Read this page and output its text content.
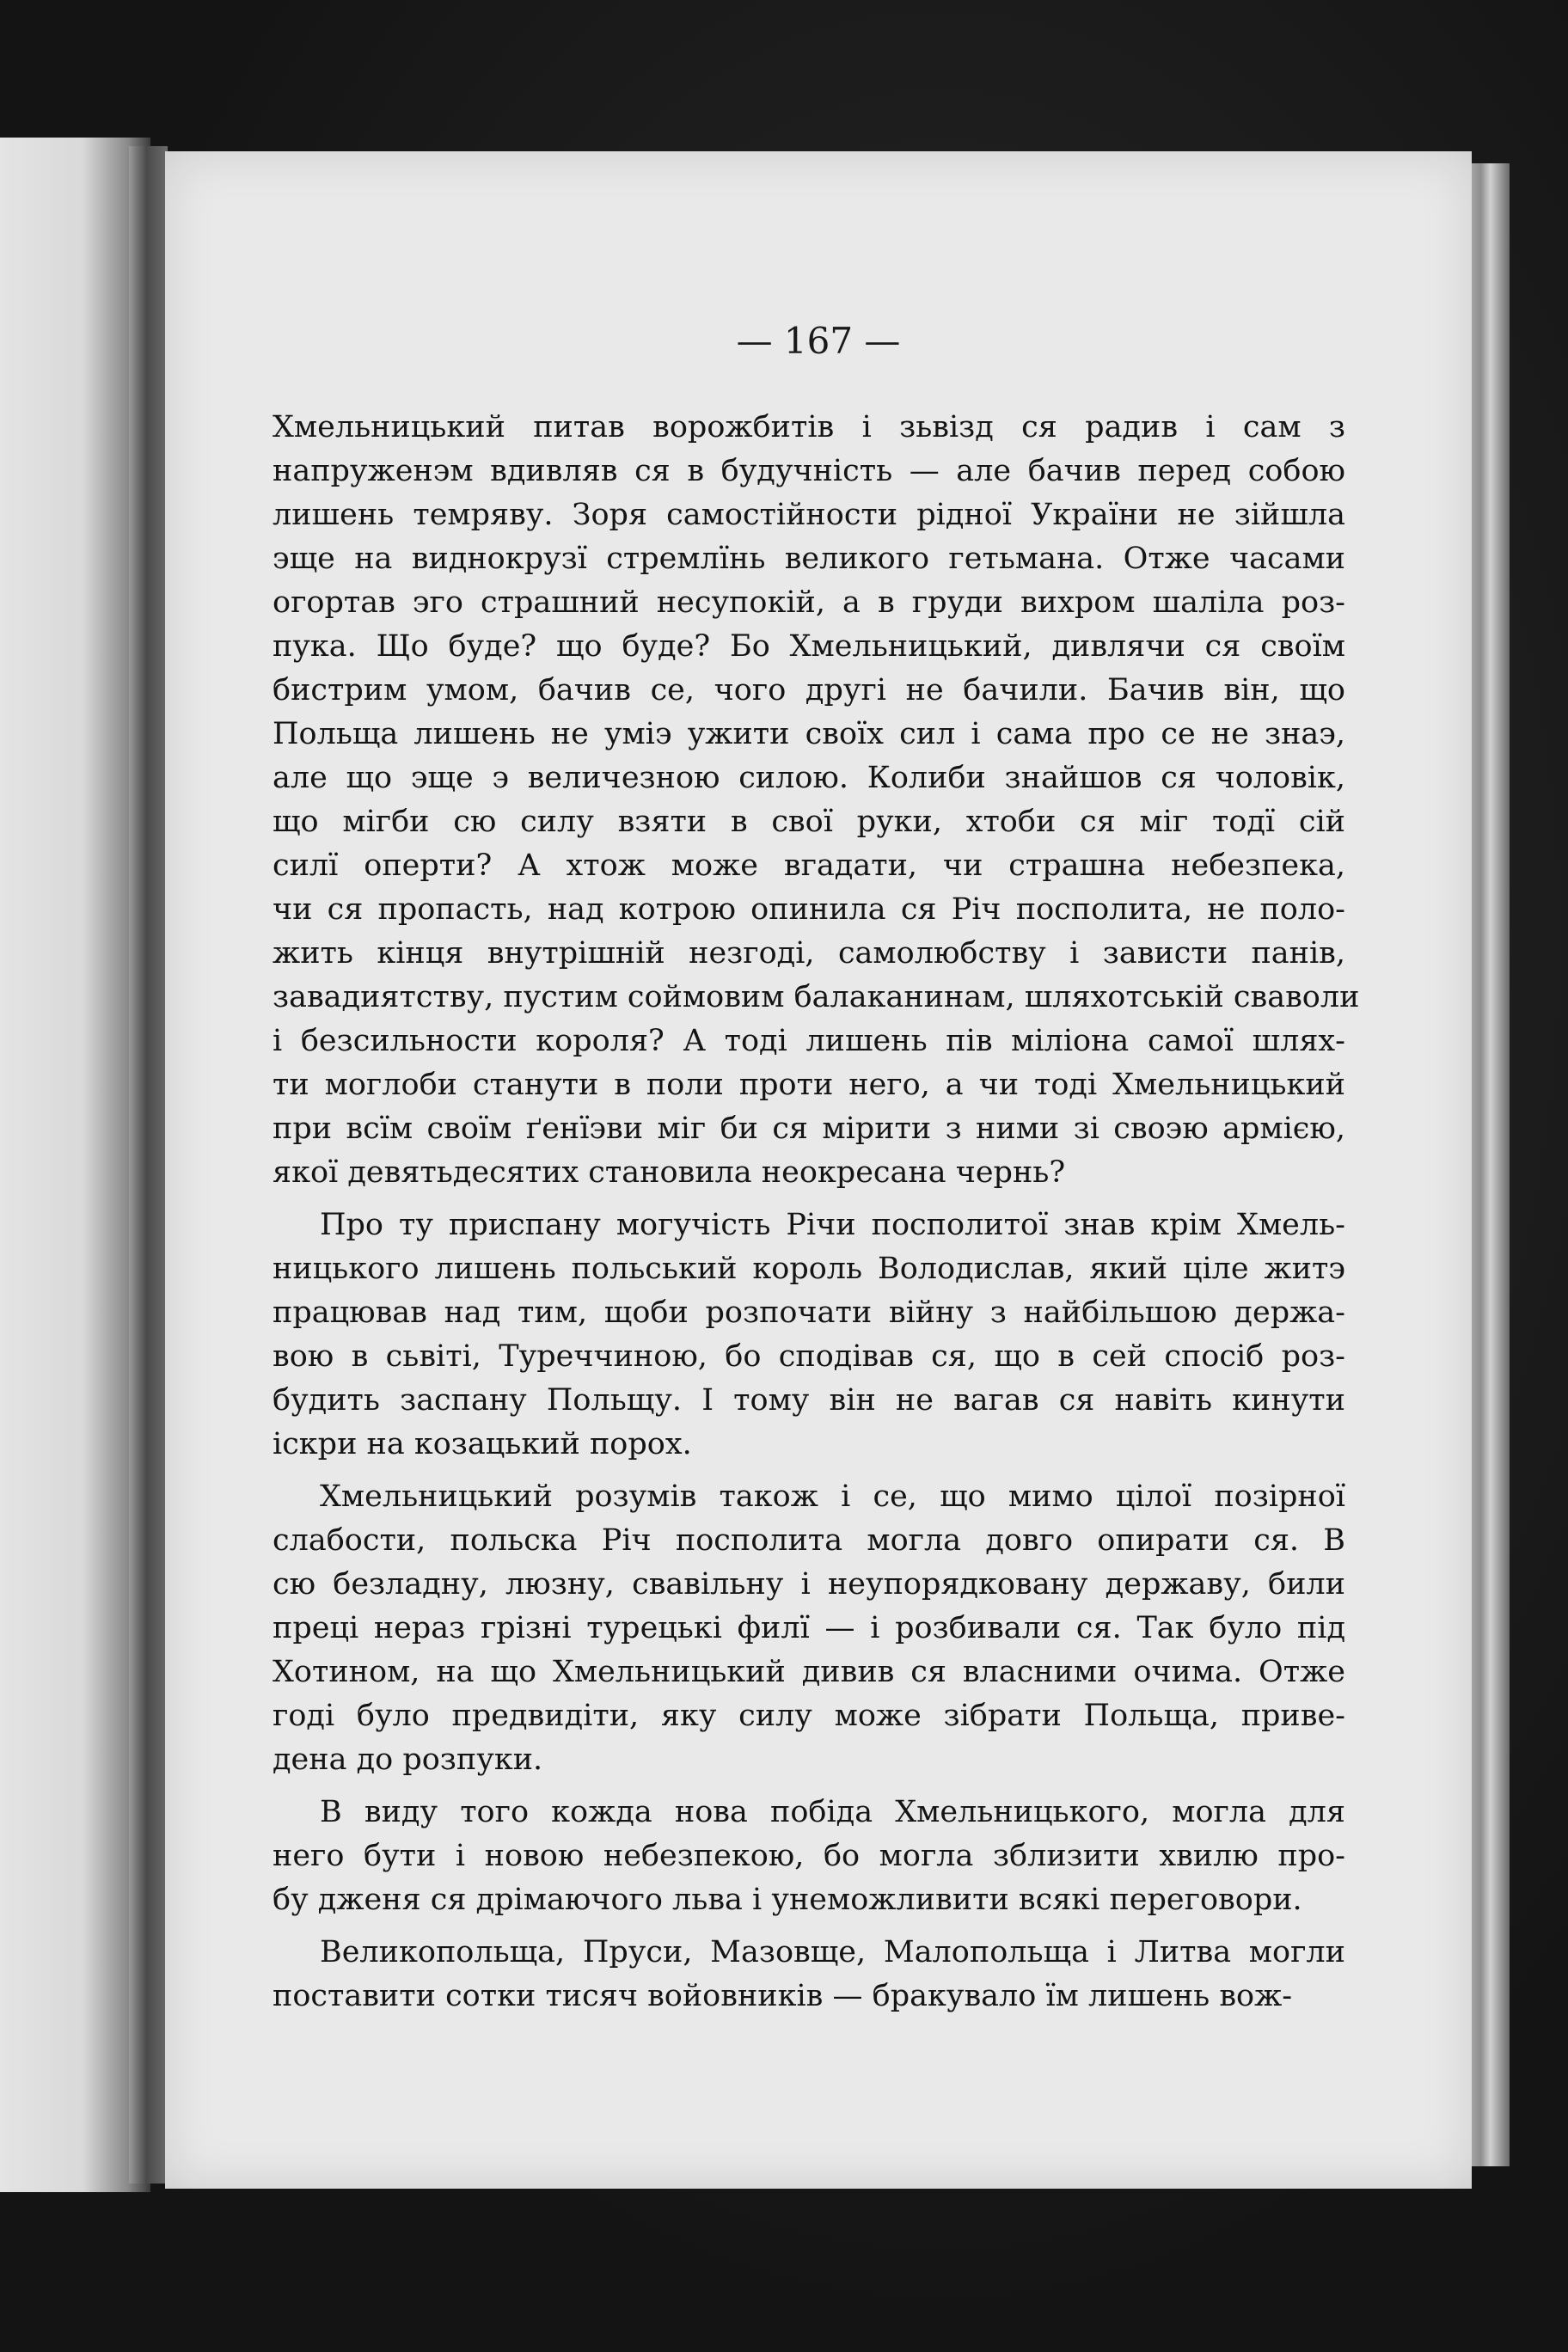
— 167 —
Хмельницький питав ворожбитів і зьвізд ся радив і сам з
напруженэм вдивляв ся в будучність — але бачив перед собою
лишень темряву. Зоря самостійности рідної України не зійшла
эще на виднокрузї стремлїнь великого гетьмана. Отже часами
огортав эго страшний несупокій, а в груди вихром шаліла роз-
пука. Що буде? що буде? Бо Хмельницький, дивлячи ся своїм
бистрим умом, бачив се, чого другі не бачили. Бачив він, що
Польща лишень не уміэ ужити своїх сил і сама про се не знаэ,
але що эще э величезною силою. Колиби знайшов ся чоловік,
що мігби сю силу взяти в свої руки, хтоби ся міг тодї сій
силї оперти? А хтож може вгадати, чи страшна небезпека,
чи ся пропасть, над котрою опинила ся Річ посполита, не поло-
жить кінця внутрішній незгоді, самолюбству і зависти панів,
завадиятству, пустим соймовим балаканинам, шляхотській сваволи
і безсильности короля? А тоді лишень пів міліона самої шлях-
ти моглоби станути в поли проти него, а чи тоді Хмельницький
при всїм своїм ґенїэви міг би ся мірити з ними зі своэю армією,
якої девятьдесятих становила неокресана чернь?
Про ту приспану могучість Річи посполитої знав крім Хмель-
ницького лишень польський король Володислав, який ціле житэ
працював над тим, щоби розпочати війну з найбільшою держа-
вою в сьвіті, Туреччиною, бо сподівав ся, що в сей спосіб роз-
будить заспану Польщу. І тому він не вагав ся навіть кинути
іскри на козацький порох.
Хмельницький розумів також і се, що мимо цілої позірної
слабости, польска Річ посполита могла довго опирати ся. В
сю безладну, люзну, свавільну і неупорядковану державу, били
преці нераз грізні турецькі филї — і розбивали ся. Так було під
Хотином, на що Хмельницький дивив ся власними очима. Отже
годі було предвидіти, яку силу може зібрати Польща, приве-
дена до розпуки.
В виду того кожда нова побіда Хмельницького, могла для
него бути і новою небезпекою, бо могла зблизити хвилю про-
бу дженя ся дрімаючого льва і унеможливити всякі переговори.
Великопольща, Пруси, Мазовще, Малопольща і Литва могли
поставити сотки тисяч войовників — бракувало їм лишень вож-
